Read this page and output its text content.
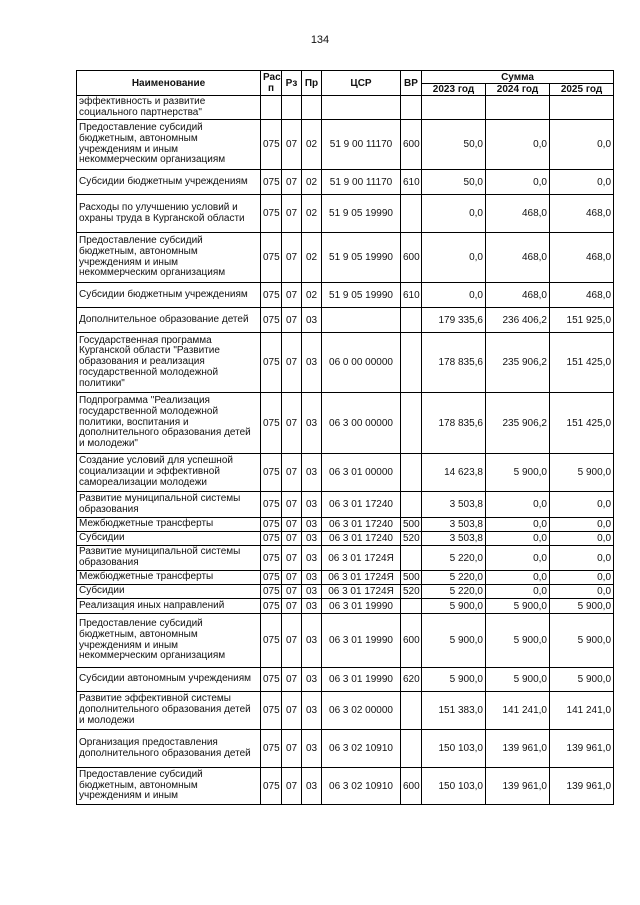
134
Наименование	Рас п	Рз	Пр	ЦСР	ВР	Сумма		
						2023 год	2024 год	2025 год
эффективность и развитие социального партнерства"								
Предоставление субсидий бюджетным, автономным учреждениям и иным некоммерческим организациям	075	07	02	51 9 00 11170	600	50,0	0,0	0,0
Субсидии бюджетным учреждениям	075	07	02	51 9 00 11170	610	50,0	0,0	0,0
Расходы по улучшению условий и охраны труда в Курганской области	075	07	02	51 9 05 19990		0,0	468,0	468,0
Предоставление субсидий бюджетным, автономным учреждениям и иным некоммерческим организациям	075	07	02	51 9 05 19990	600	0,0	468,0	468,0
Субсидии бюджетным учреждениям	075	07	02	51 9 05 19990	610	0,0	468,0	468,0
Дополнительное образование детей	075	07	03			179 335,6	236 406,2	151 925,0
Государственная программа Курганской области "Развитие образования и реализация государственной молодежной политики"	075	07	03	06 0 00 00000		178 835,6	235 906,2	151 425,0
Подпрограмма "Реализация государственной молодежной политики, воспитания и дополнительного образования детей и молодежи"	075	07	03	06 3 00 00000		178 835,6	235 906,2	151 425,0
Создание условий для успешной социализации и эффективной самореализации молодежи	075	07	03	06 3 01 00000		14 623,8	5 900,0	5 900,0
Развитие муниципальной системы образования	075	07	03	06 3 01 17240		3 503,8	0,0	0,0
Межбюджетные трансферты	075	07	03	06 3 01 17240	500	3 503,8	0,0	0,0
Субсидии	075	07	03	06 3 01 17240	520	3 503,8	0,0	0,0
Развитие муниципальной системы образования	075	07	03	06 3 01 1724Я		5 220,0	0,0	0,0
Межбюджетные трансферты	075	07	03	06 3 01 1724Я	500	5 220,0	0,0	0,0
Субсидии	075	07	03	06 3 01 1724Я	520	5 220,0	0,0	0,0
Реализация иных направлений	075	07	03	06 3 01 19990		5 900,0	5 900,0	5 900,0
Предоставление субсидий бюджетным, автономным учреждениям и иным некоммерческим организациям	075	07	03	06 3 01 19990	600	5 900,0	5 900,0	5 900,0
Субсидии автономным учреждениям	075	07	03	06 3 01 19990	620	5 900,0	5 900,0	5 900,0
Развитие эффективной системы дополнительного образования детей и молодежи	075	07	03	06 3 02 00000		151 383,0	141 241,0	141 241,0
Организация предоставления дополнительного образования детей	075	07	03	06 3 02 10910		150 103,0	139 961,0	139 961,0
Предоставление субсидий бюджетным, автономным учреждениям и иным	075	07	03	06 3 02 10910	600	150 103,0	139 961,0	139 961,0
